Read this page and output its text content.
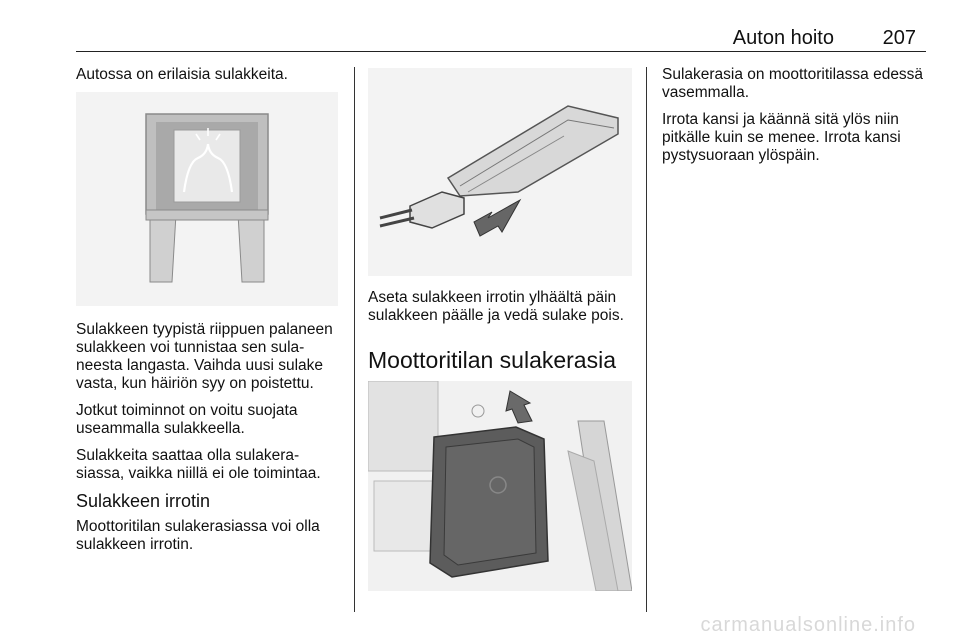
Auton hoito 207
Autossa on erilaisia sulakkeita.

Sulakkeen tyypistä riippuen palaneen sulakkeen voi tunnistaa sen sula-neesta langasta. Vaihda uusi sulake vasta, kun häiriön syy on poistettu.

Jotkut toiminnot on voitu suojata useammalla sulakkeella.

Sulakkeita saattaa olla sulakera-siassa, vaikka niillä ei ole toimintaa.

Sulakkeen irrotin

Moottoritilan sulakerasiassa voi olla sulakkeen irrotin.

Aseta sulakkeen irrotin ylhäältä päin sulakkeen päälle ja vedä sulake pois.
Moottoritilan sulakerasia

Sulakerasia on moottoritilassa edessä vasemmalla.

Irrota kansi ja käännä sitä ylös niin pitkälle kuin se menee. Irrota kansi pystysuoraan ylöspäin.

carmanualsonline.info
